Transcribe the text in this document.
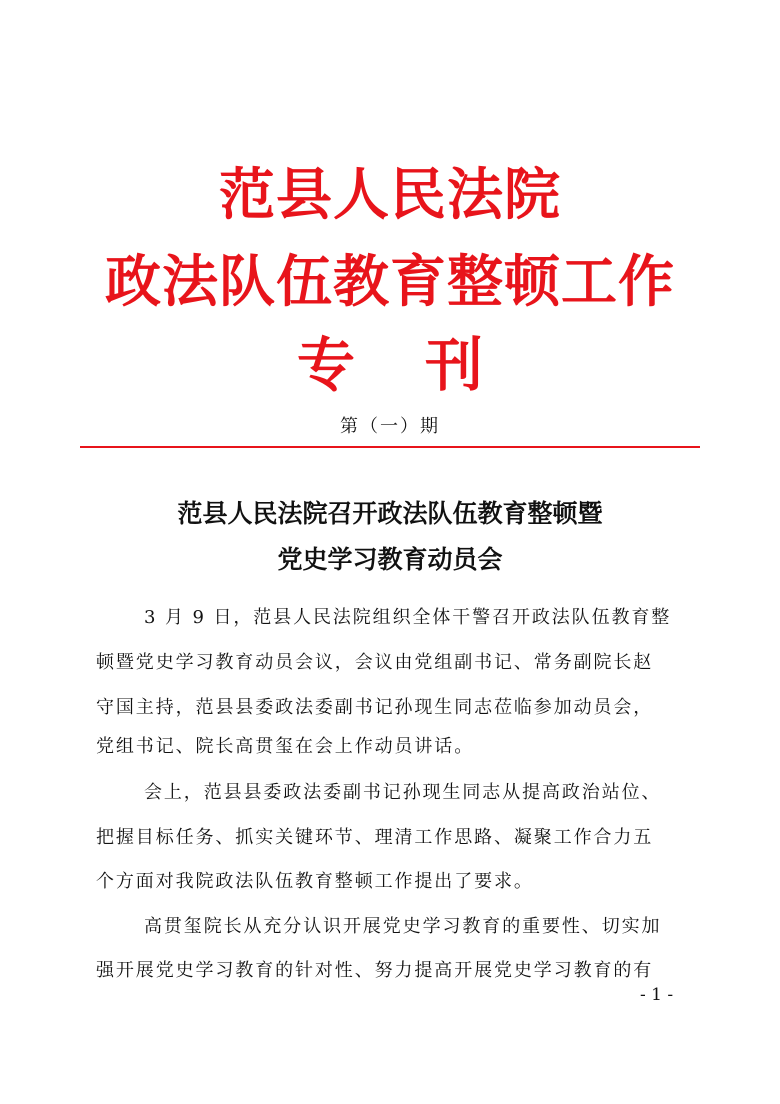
范县人民法院
政法队伍教育整顿工作
专 刊
第（一）期
范县人民法院召开政法队伍教育整顿暨
党史学习教育动员会
3 月 9 日，范县人民法院组织全体干警召开政法队伍教育整
顿暨党史学习教育动员会议，会议由党组副书记、常务副院长赵
守国主持，范县县委政法委副书记孙现生同志莅临参加动员会，
党组书记、院长高贯玺在会上作动员讲话。
会上，范县县委政法委副书记孙现生同志从提高政治站位、
把握目标任务、抓实关键环节、理清工作思路、凝聚工作合力五
个方面对我院政法队伍教育整顿工作提出了要求。
高贯玺院长从充分认识开展党史学习教育的重要性、切实加
强开展党史学习教育的针对性、努力提高开展党史学习教育的有
- 1 -
